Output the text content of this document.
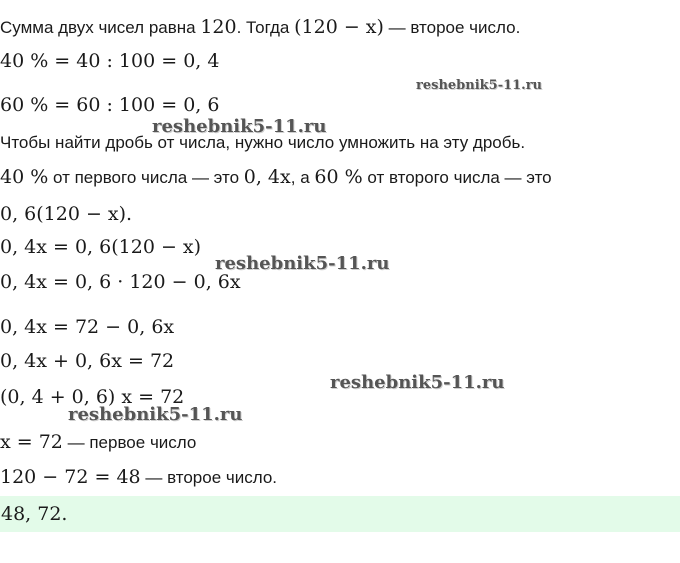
Сумма двух чисел равна 120. Тогда (120 − x) — второе число.
40 % = 40 : 100 = 0, 4
60 % = 60 : 100 = 0, 6
Чтобы найти дробь от числа, нужно число умножить на эту дробь.
40 % от первого числа — это 0, 4x, а 60 % от второго числа — это
0, 6(120 − x).
0, 4x = 0, 6(120 − x)
0, 4x = 0, 6 · 120 − 0, 6x
0, 4x = 72 − 0, 6x
0, 4x + 0, 6x = 72
(0, 4 + 0, 6) x = 72
x = 72 — первое число
120 − 72 = 48 — второе число.
48, 72.
reshebnik5-11.ru
reshebnik5-11.ru
reshebnik5-11.ru
reshebnik5-11.ru
reshebnik5-11.ru
